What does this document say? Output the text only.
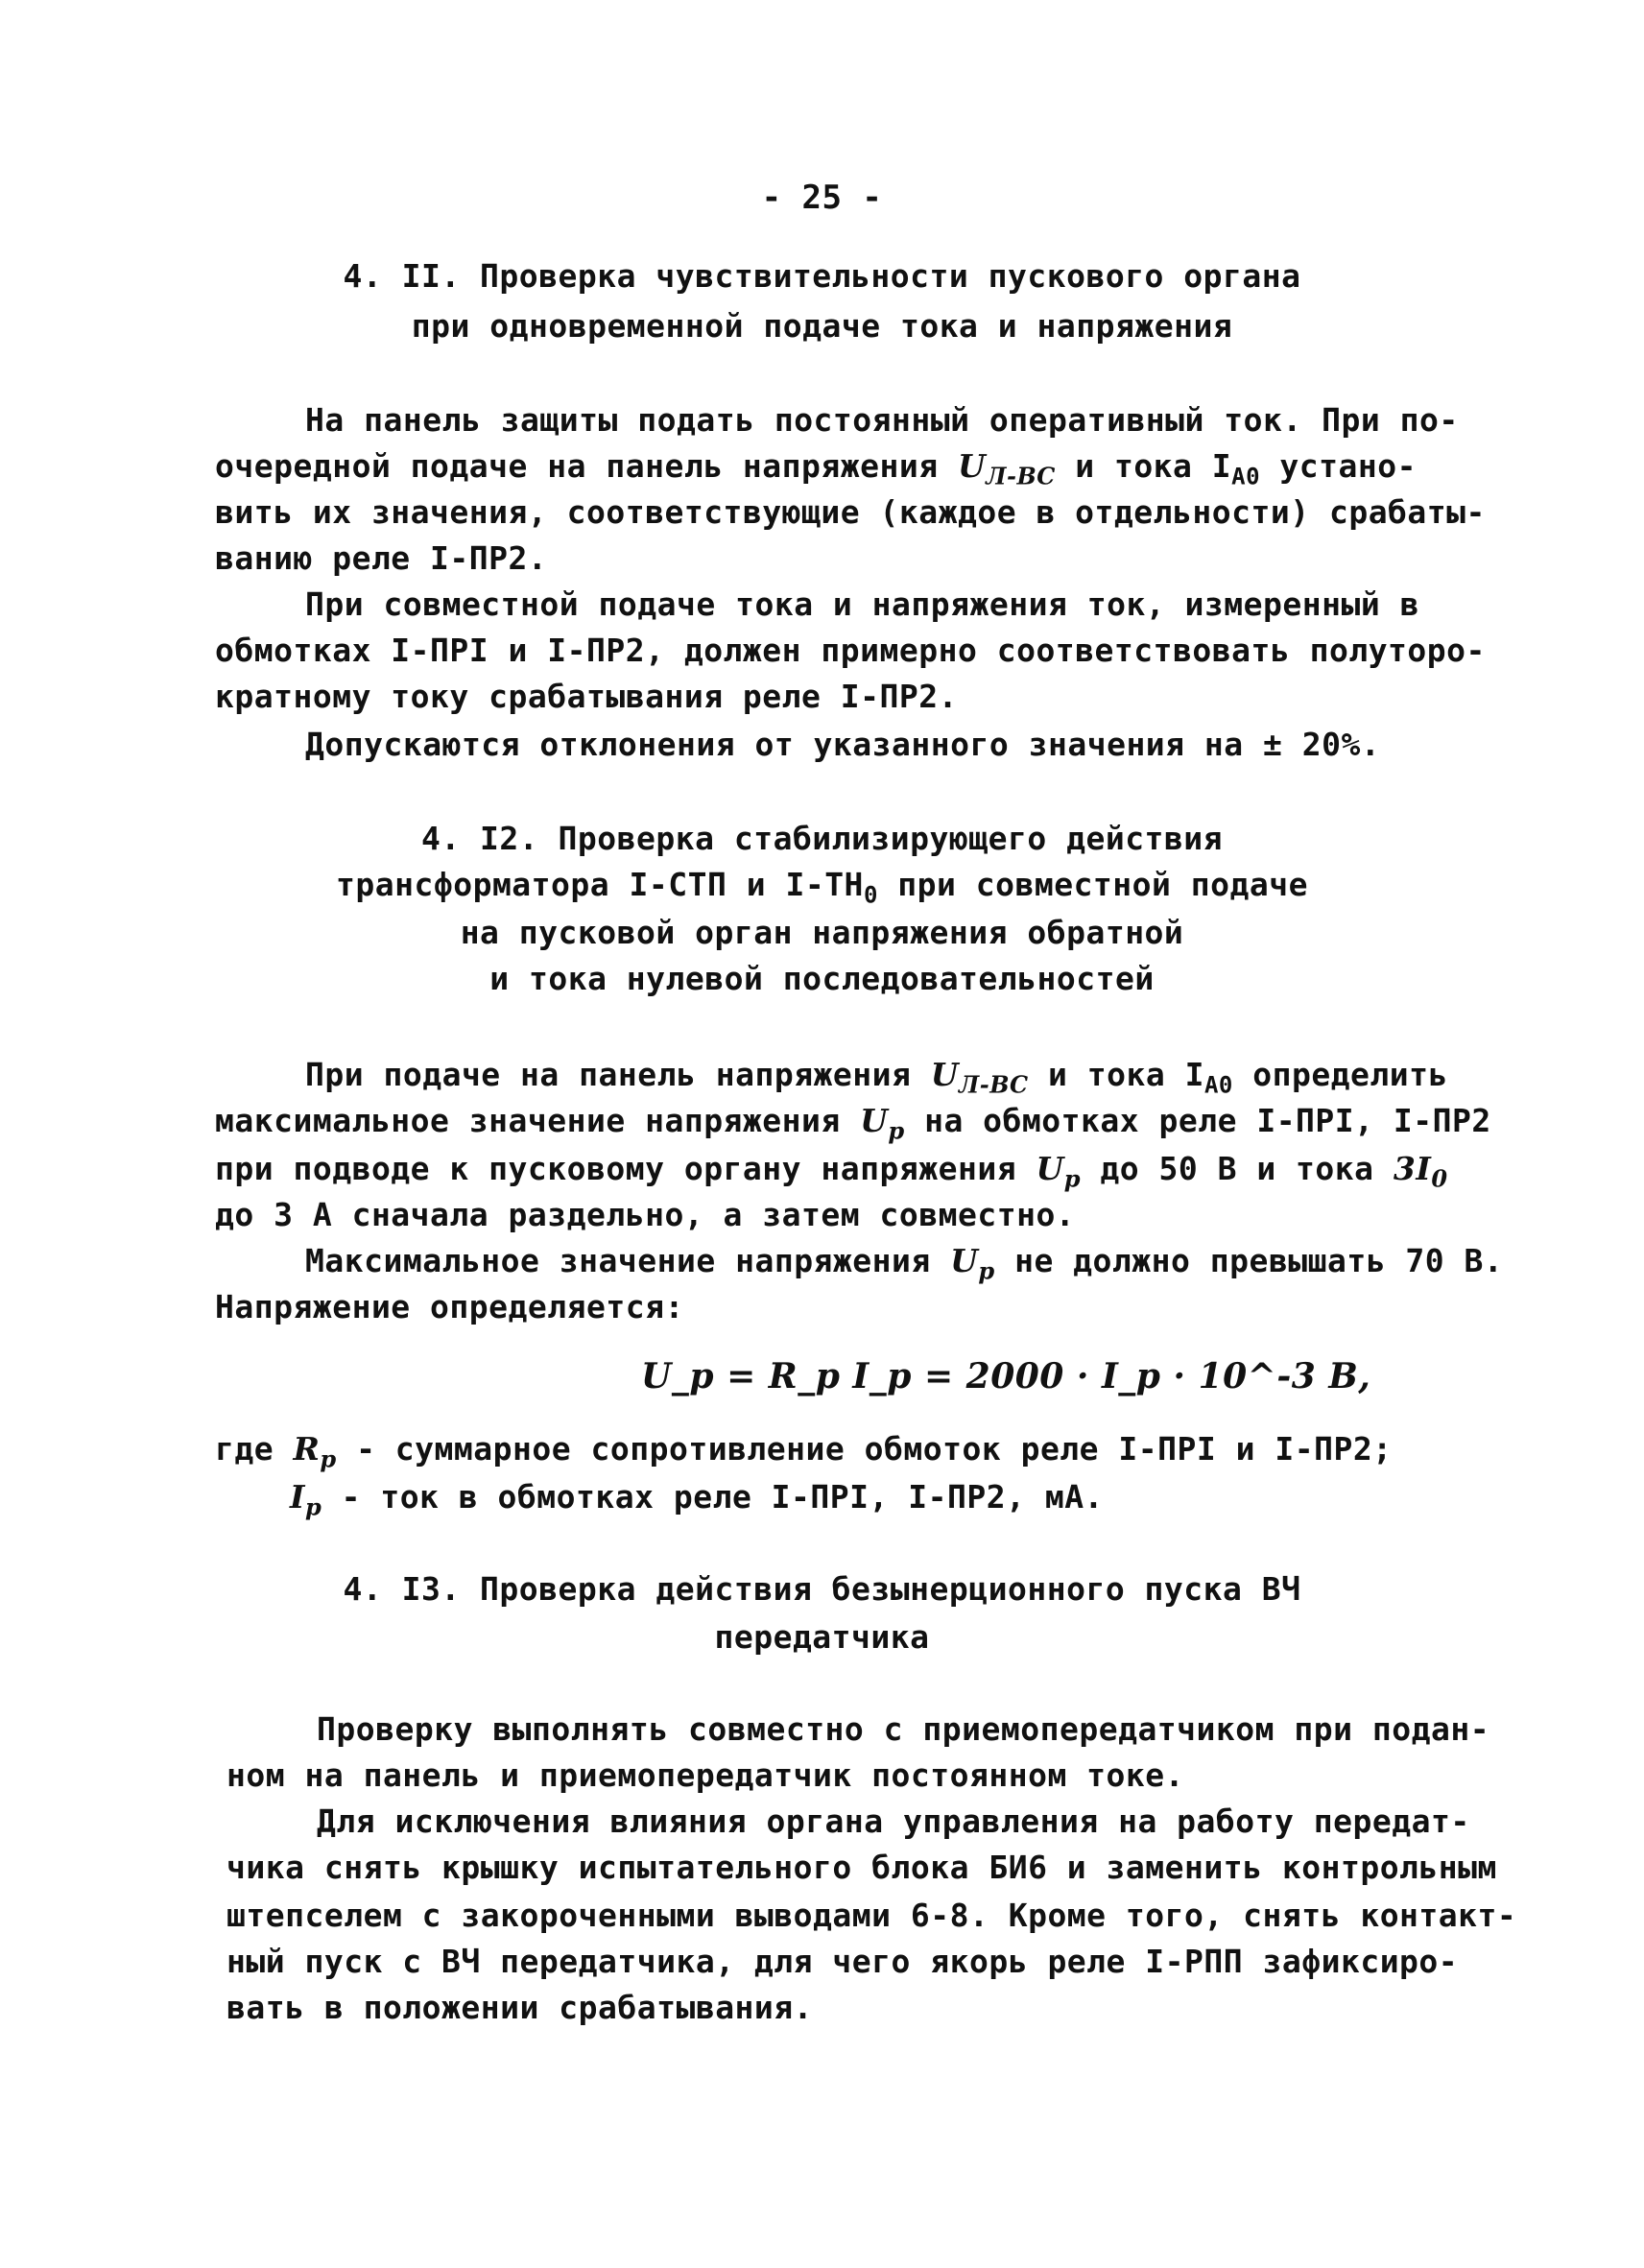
- 25 -
4. II. Проверка чувствительности пускового органа
при одновременной подаче тока и напряжения
На панель защиты подать постоянный оперативный ток. При по-
очередной подаче на панель напряжения $U_{Л-ВС}$ и тока $I_{А0}$ устано-
вить их значения, соответствующие (каждое в отдельности) срабаты-
ванию реле I-ПР2.
При совместной подаче тока и напряжения ток, измеренный в
обмотках I-ПРI и I-ПР2, должен примерно соответствовать полуторо-
кратному току срабатывания реле I-ПР2.
Допускаются отклонения от указанного значения на ± 20%.
4. I2. Проверка стабилизирующего действия
трансформатора I-СТП и $I-ТН_0$ при совместной подаче
на пусковой орган напряжения обратной
и тока нулевой последовательностей
При подаче на панель напряжения $U_{Л-ВС}$ и тока $I_{А0}$ определить
максимальное значение напряжения $U_р$ на обмотках реле I-ПРI, I-ПР2
при подводе к пусковому органу напряжения $U_р$ до 50 В и тока $3I_0$
до 3 А сначала раздельно, а затем совместно.
Максимальное значение напряжения $U_р$ не должно превышать 70 В.
Напряжение определяется:
U_p = R_p I_p = 2000 · I_p · 10^-3 В,
где $R_р$ - суммарное сопротивление обмоток реле I-ПРI и I-ПР2;
$I_р$ - ток в обмотках реле I-ПРI, I-ПР2, мА.
4. I3. Проверка действия безынерционного пуска ВЧ
передатчика
Проверку выполнять совместно с приемопередатчиком при подан-
ном на панель и приемопередатчик постоянном токе.
Для исключения влияния органа управления на работу передат-
чика снять крышку испытательного блока БИ6 и заменить контрольным
штепселем с закороченными выводами 6-8. Кроме того, снять контакт-
ный пуск с ВЧ передатчика, для чего якорь реле I-РПП зафиксиро-
вать в положении срабатывания.
